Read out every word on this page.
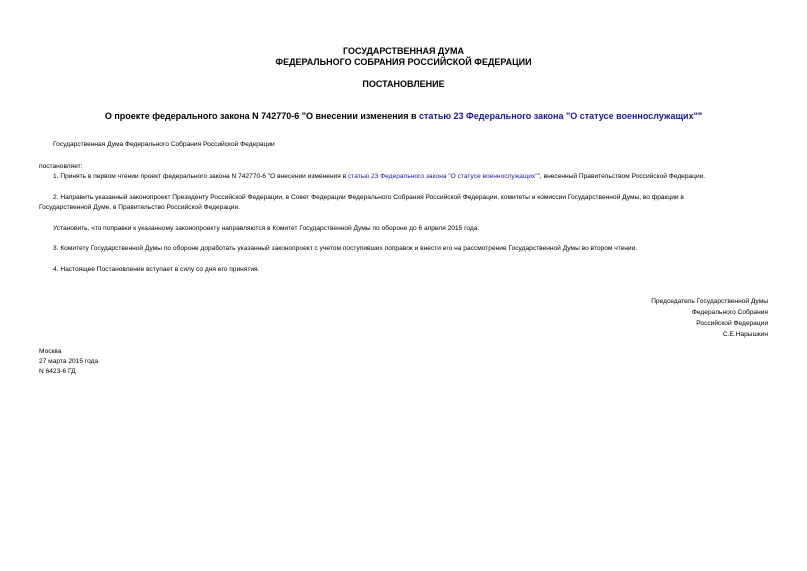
ГОСУДАРСТВЕННАЯ ДУМА
ФЕДЕРАЛЬНОГО СОБРАНИЯ РОССИЙСКОЙ ФЕДЕРАЦИИ
ПОСТАНОВЛЕНИЕ
О проекте федерального закона N 742770-6 "О внесении изменения в статью 23 Федерального закона "О статусе военнослужащих""
Государственная Дума Федерального Собрания Российской Федерации
постановляет:
1. Принять в первом чтении проект федерального закона N 742770-6 "О внесении изменения в статью 23 Федерального закона "О статусе военнослужащих"", внесенный Правительством Российской Федерации.
2. Направить указанный законопроект Президенту Российской Федерации, в Совет Федерации Федерального Собрания Российской Федерации, комитеты и комиссии Государственной Думы, во фракции в
Государственной Думе, в Правительство Российской Федерации.
Установить, что поправки к указанному законопроекту направляются в Комитет Государственной Думы по обороне до 6 апреля 2015 года.
3. Комитету Государственной Думы по обороне доработать указанный законопроект с учетом поступивших поправок и внести его на рассмотрение Государственной Думы во втором чтении.
4. Настоящее Постановление вступает в силу со дня его принятия.
Председатель Государственной Думы
Федерального Собрания
Российской Федерации
С.Е.Нарышкин
Москва
27 марта 2015 года
N 6423-6 ГД
